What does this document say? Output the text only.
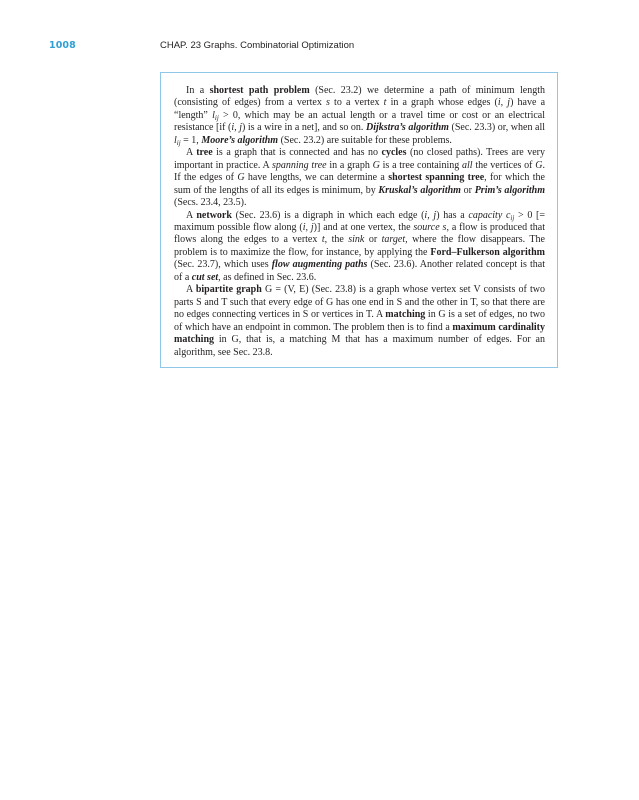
1008	CHAP. 23 Graphs. Combinatorial Optimization

In a shortest path problem (Sec. 23.2) we determine a path of minimum length (consisting of edges) from a vertex s to a vertex t in a graph whose edges (i, j) have a “length” $l_{ij} > 0$, which may be an actual length or a travel time or cost or an electrical resistance [if (i, j) is a wire in a net], and so on. Dijkstra’s algorithm (Sec. 23.3) or, when all $l_{ij} = 1$, Moore’s algorithm (Sec. 23.2) are suitable for these problems.

A tree is a graph that is connected and has no cycles (no closed paths). Trees are very important in practice. A spanning tree in a graph G is a tree containing all the vertices of G. If the edges of G have lengths, we can determine a shortest spanning tree, for which the sum of the lengths of all its edges is minimum, by Kruskal’s algorithm or Prim’s algorithm (Secs. 23.4, 23.5).

A network (Sec. 23.6) is a digraph in which each edge (i, j) has a capacity $c_{ij} > 0$ [= maximum possible flow along (i, j)] and at one vertex, the source s, a flow is produced that flows along the edges to a vertex t, the sink or target, where the flow disappears. The problem is to maximize the flow, for instance, by applying the Ford–Fulkerson algorithm (Sec. 23.7), which uses flow augmenting paths (Sec. 23.6). Another related concept is that of a cut set, as defined in Sec. 23.6.

A bipartite graph G = (V, E) (Sec. 23.8) is a graph whose vertex set V consists of two parts S and T such that every edge of G has one end in S and the other in T, so that there are no edges connecting vertices in S or vertices in T. A matching in G is a set of edges, no two of which have an endpoint in common. The problem then is to find a maximum cardinality matching in G, that is, a matching M that has a maximum number of edges. For an algorithm, see Sec. 23.8.
